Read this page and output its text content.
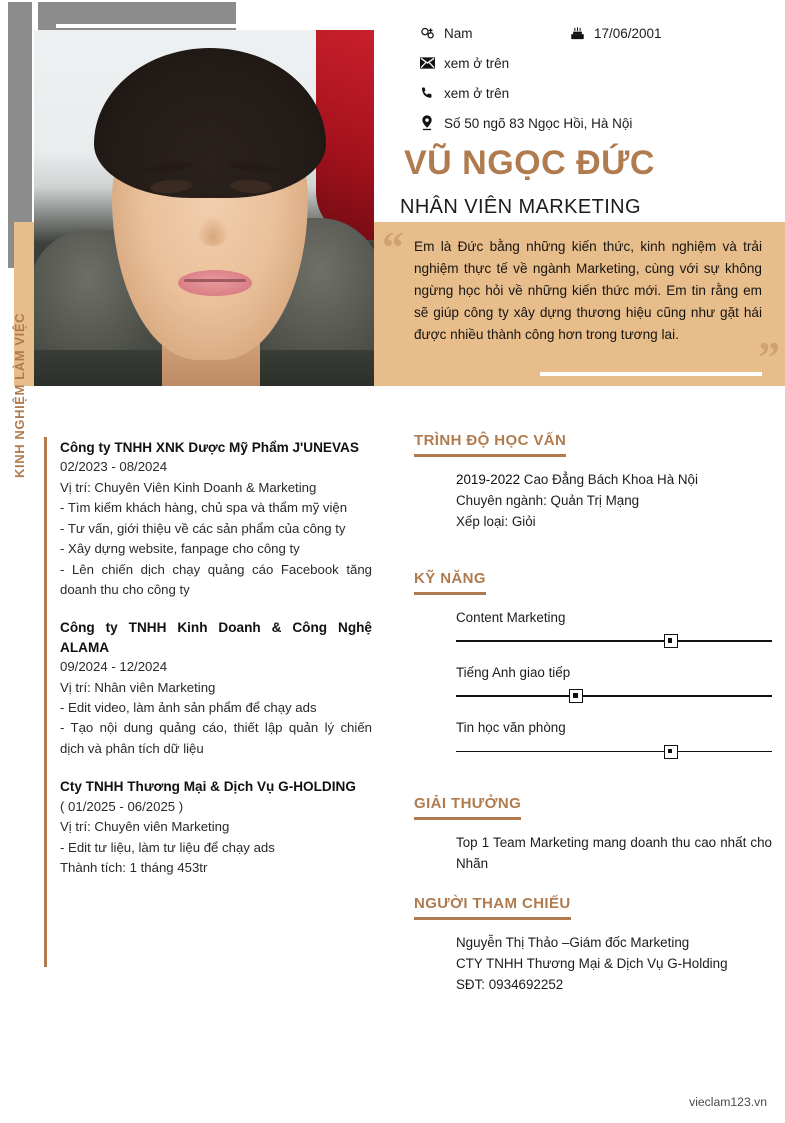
Nam	17/06/2001
xem ở trên
xem ở trên
Số 50 ngõ 83 Ngọc Hồi, Hà Nội
VŨ NGỌC ĐỨC
NHÂN VIÊN MARKETING
“ Em là Đức bằng những kiến thức, kinh nghiệm và trải nghiệm thực tế về ngành Marketing, cùng với sự không ngừng học hỏi về những kiến thức mới. Em tin rằng em sẽ giúp công ty xây dựng thương hiệu cũng như gặt hái được nhiều thành công hơn trong tương lai.	”
KINH NGHIỆM LÀM VIỆC Công ty TNHH XNK Dược Mỹ Phẩm J'UNEVAS
02/2023 - 08/2024
Vị trí: Chuyên Viên Kinh Doanh & Marketing
- Tìm kiếm khách hàng, chủ spa và thẩm mỹ viện
- Tư vấn, giới thiệu về các sản phẩm của công ty
- Xây dựng website, fanpage cho công ty
- Lên chiến dịch chạy quảng cáo Facebook tăng doanh thu cho công ty
Công ty TNHH Kinh Doanh & Công Nghệ ALAMA
09/2024 - 12/2024
Vị trí: Nhân viên Marketing
- Edit video, làm ảnh sản phẩm để chạy ads
- Tạo nội dung quảng cáo, thiết lập quản lý chiến dịch và phân tích dữ liệu
Cty TNHH Thương Mại & Dịch Vụ G-HOLDING
( 01/2025 - 06/2025 )
Vị trí: Chuyên viên Marketing
- Edit tư liệu, làm tư liệu để chạy ads
Thành tích: 1 tháng 453tr
TRÌNH ĐỘ HỌC VẤN
2019-2022 Cao Đẳng Bách Khoa Hà Nội
Chuyên ngành: Quản Trị Mạng
Xếp loại: Giỏi
KỸ NĂNG
Content Marketing
Tiếng Anh giao tiếp
Tin học văn phòng
GIẢI THƯỞNG
Top 1 Team Marketing mang doanh thu cao nhất cho Nhãn
NGƯỜI THAM CHIẾU
Nguyễn Thị Thảo –Giám đốc Marketing
CTY TNHH Thương Mại & Dịch Vụ G-Holding
SĐT: 0934692252
vieclam123.vn
